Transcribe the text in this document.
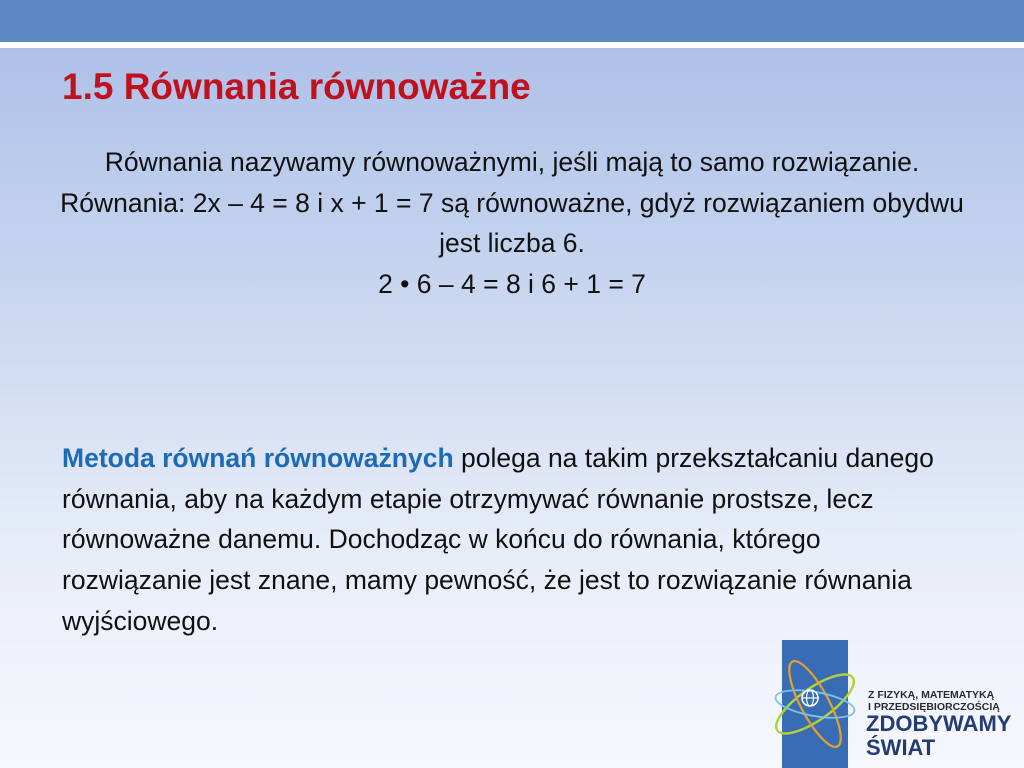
1.5 Równania równoważne

Równania nazywamy równoważnymi, jeśli mają to samo rozwiązanie.

Równania: 2x – 4 = 8 i x + 1 = 7 są równoważne, gdyż rozwiązaniem obydwu jest liczba 6.

2 • 6 – 4 = 8 i 6 + 1 = 7

Metoda równań równoważnych polega na takim przekształcaniu danego równania, aby na każdym etapie otrzymywać równanie prostsze, lecz równoważne danemu. Dochodząc w końcu do równania, którego rozwiązanie jest znane, mamy pewność, że jest to rozwiązanie równania wyjściowego.
Z FIZYKĄ, MATEMATYKĄ
I PRZEDSIĘBIORCZOŚCIĄ
ZDOBYWAMY
ŚWIAT
